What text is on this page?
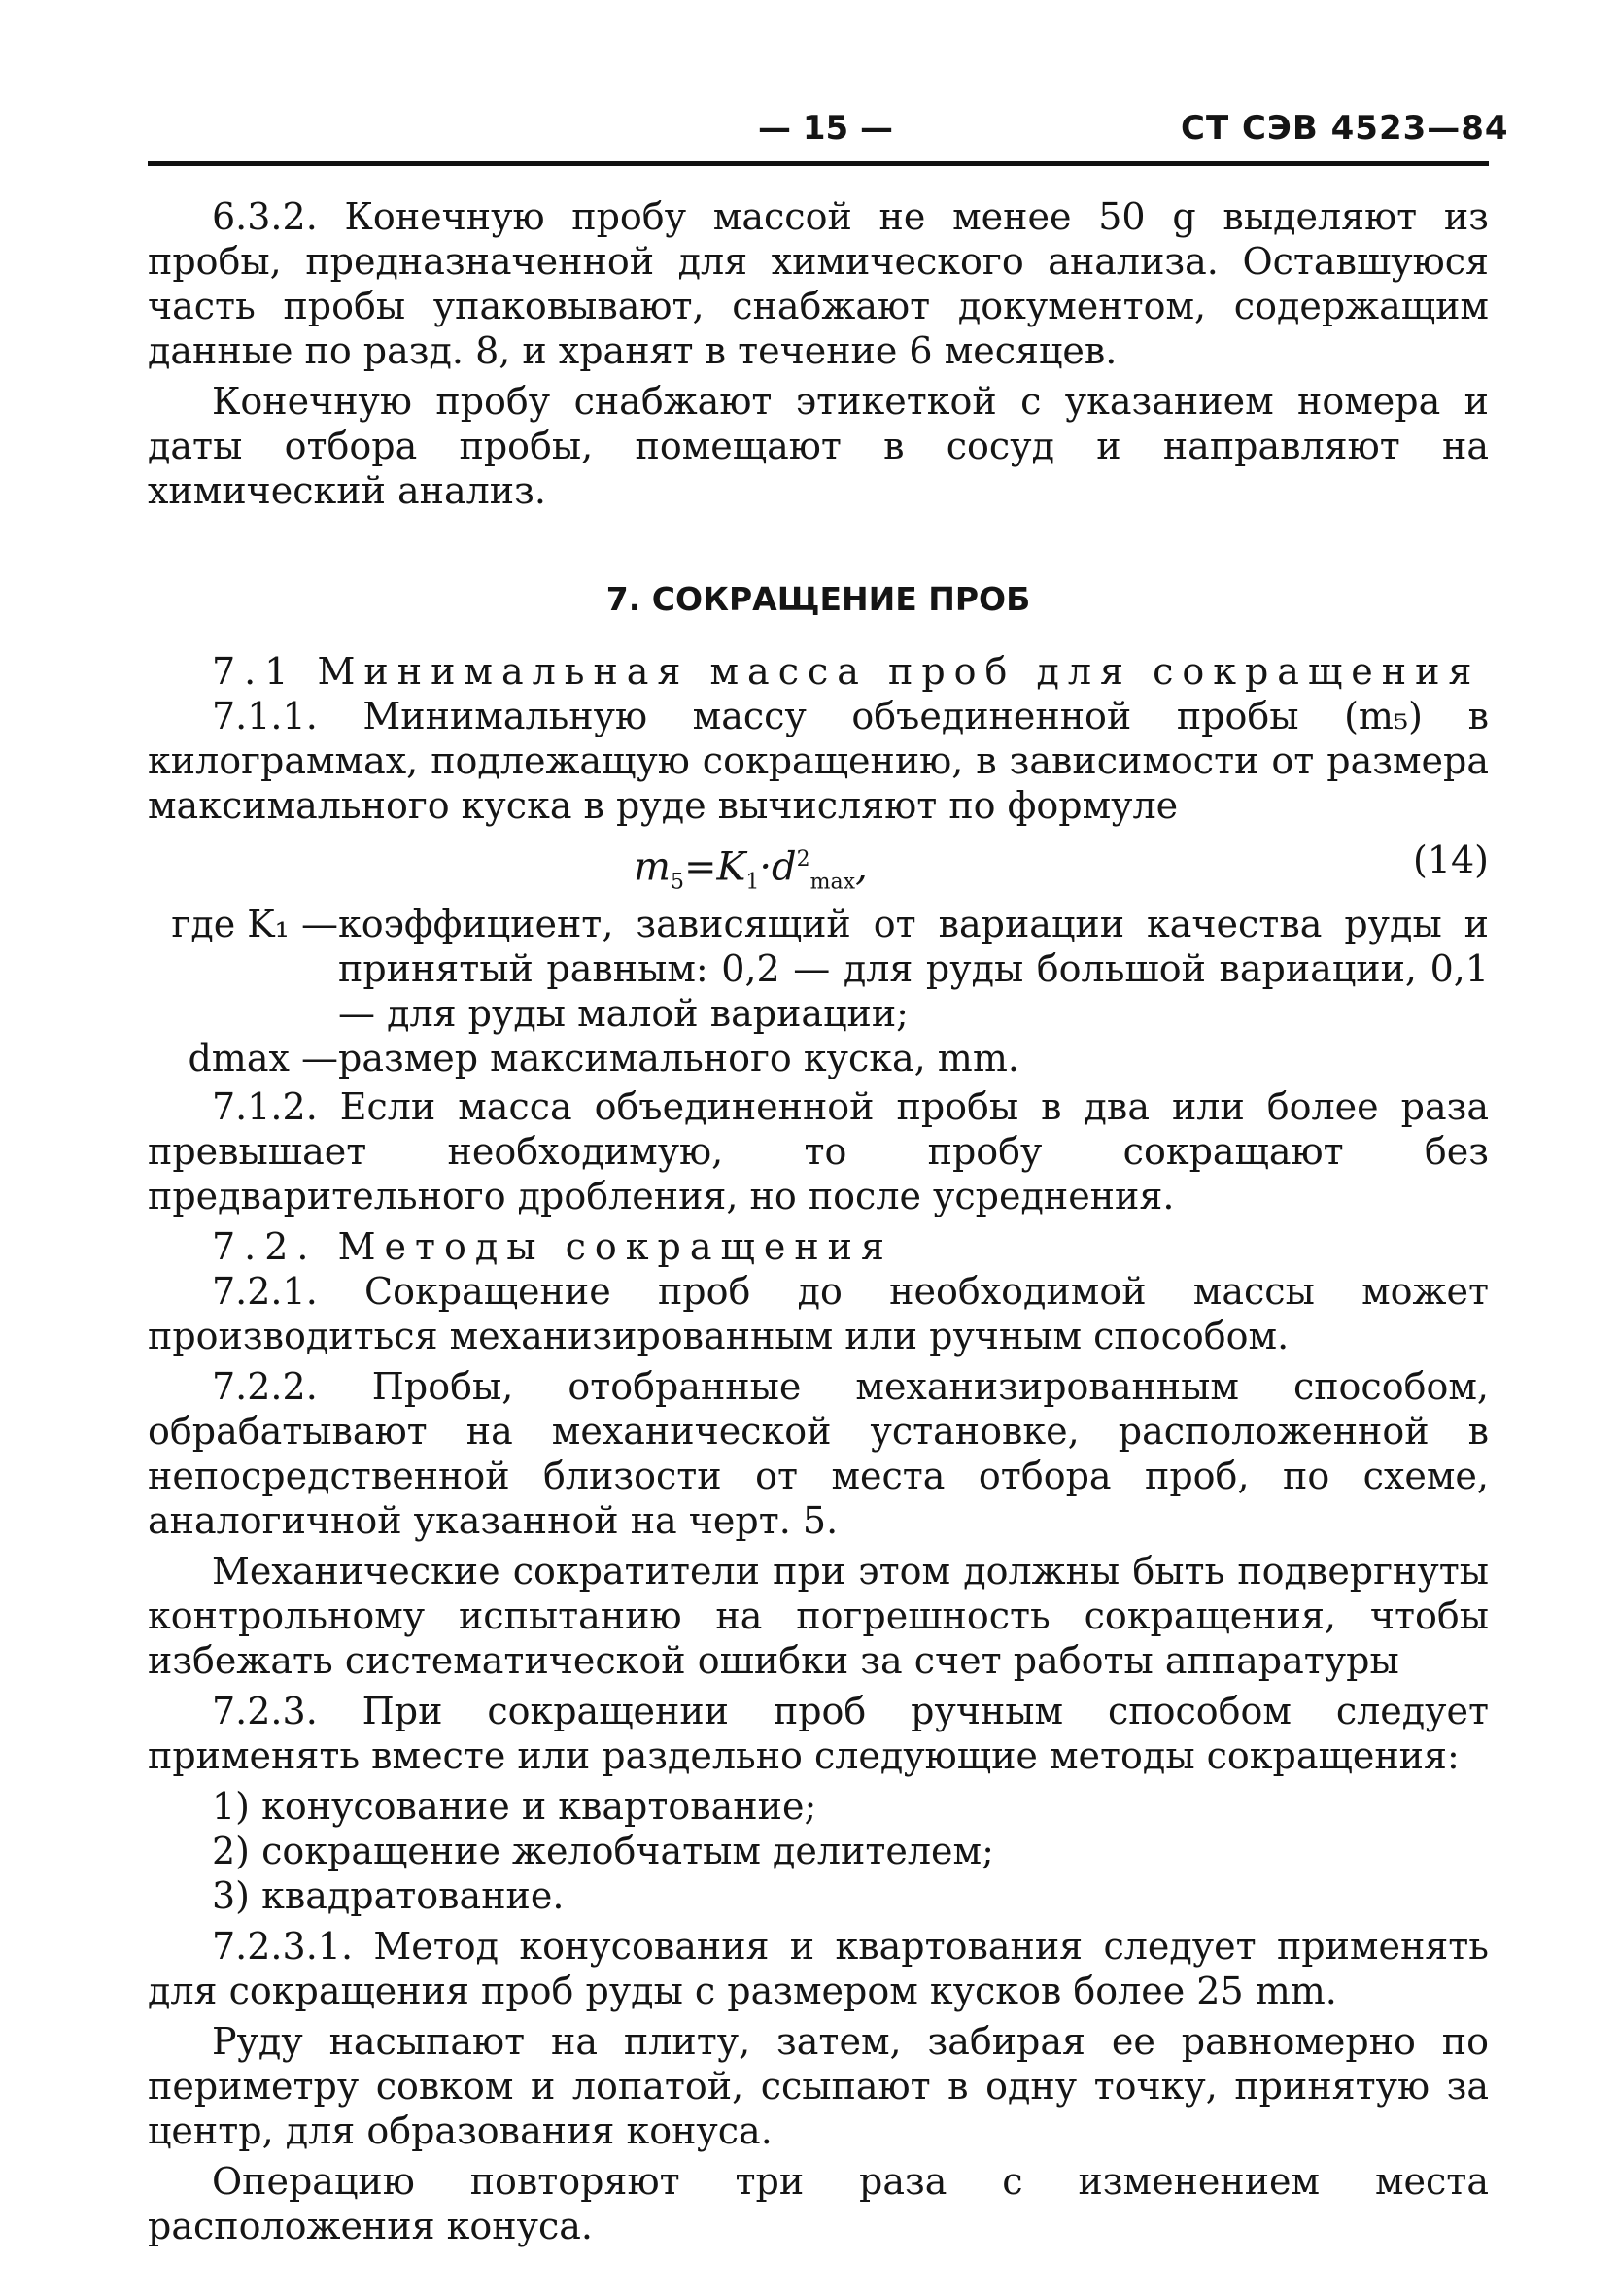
— 15 —	СТ СЭВ 4523—84

6.3.2. Конечную пробу массой не менее 50 g выделяют из пробы, предназначенной для химического анализа. Оставшуюся часть пробы упаковывают, снабжают документом, содержащим данные по разд. 8, и хранят в течение 6 месяцев.

Конечную пробу снабжают этикеткой с указанием номера и даты отбора пробы, помещают в сосуд и направляют на химический анализ.

7. СОКРАЩЕНИЕ ПРОБ

7.1 Минимальная масса проб для сокращения

7.1.1. Минимальную массу объединенной пробы (m₅) в килограммах, подлежащую сокращению, в зависимости от размера максимального куска в руде вычисляют по формуле

$m_5=K_1\cdot d^2_{max}$,	(14)
где K₁ — коэффициент, зависящий от вариации качества руды и принятый равным: 0,2 — для руды большой вариации, 0,1 — для руды малой вариации;
dmax — размер максимального куска, mm.

7.1.2. Если масса объединенной пробы в два или более раза превышает необходимую, то пробу сокращают без предварительного дробления, но после усреднения.

7.2. Методы сокращения

7.2.1. Сокращение проб до необходимой массы может производиться механизированным или ручным способом.

7.2.2. Пробы, отобранные механизированным способом, обрабатывают на механической установке, расположенной в непосредственной близости от места отбора проб, по схеме, аналогичной указанной на черт. 5.

Механические сократители при этом должны быть подвергнуты контрольному испытанию на погрешность сокращения, чтобы избежать систематической ошибки за счет работы аппаратуры

7.2.3. При сокращении проб ручным способом следует применять вместе или раздельно следующие методы сокращения:

1) конусование и квартование;

2) сокращение желобчатым делителем;

3) квадратование.

7.2.3.1. Метод конусования и квартования следует применять для сокращения проб руды с размером кусков более 25 mm.

Руду насыпают на плиту, затем, забирая ее равномерно по периметру совком и лопатой, ссыпают в одну точку, принятую за центр, для образования конуса.

Операцию повторяют три раза с изменением места расположения конуса.
